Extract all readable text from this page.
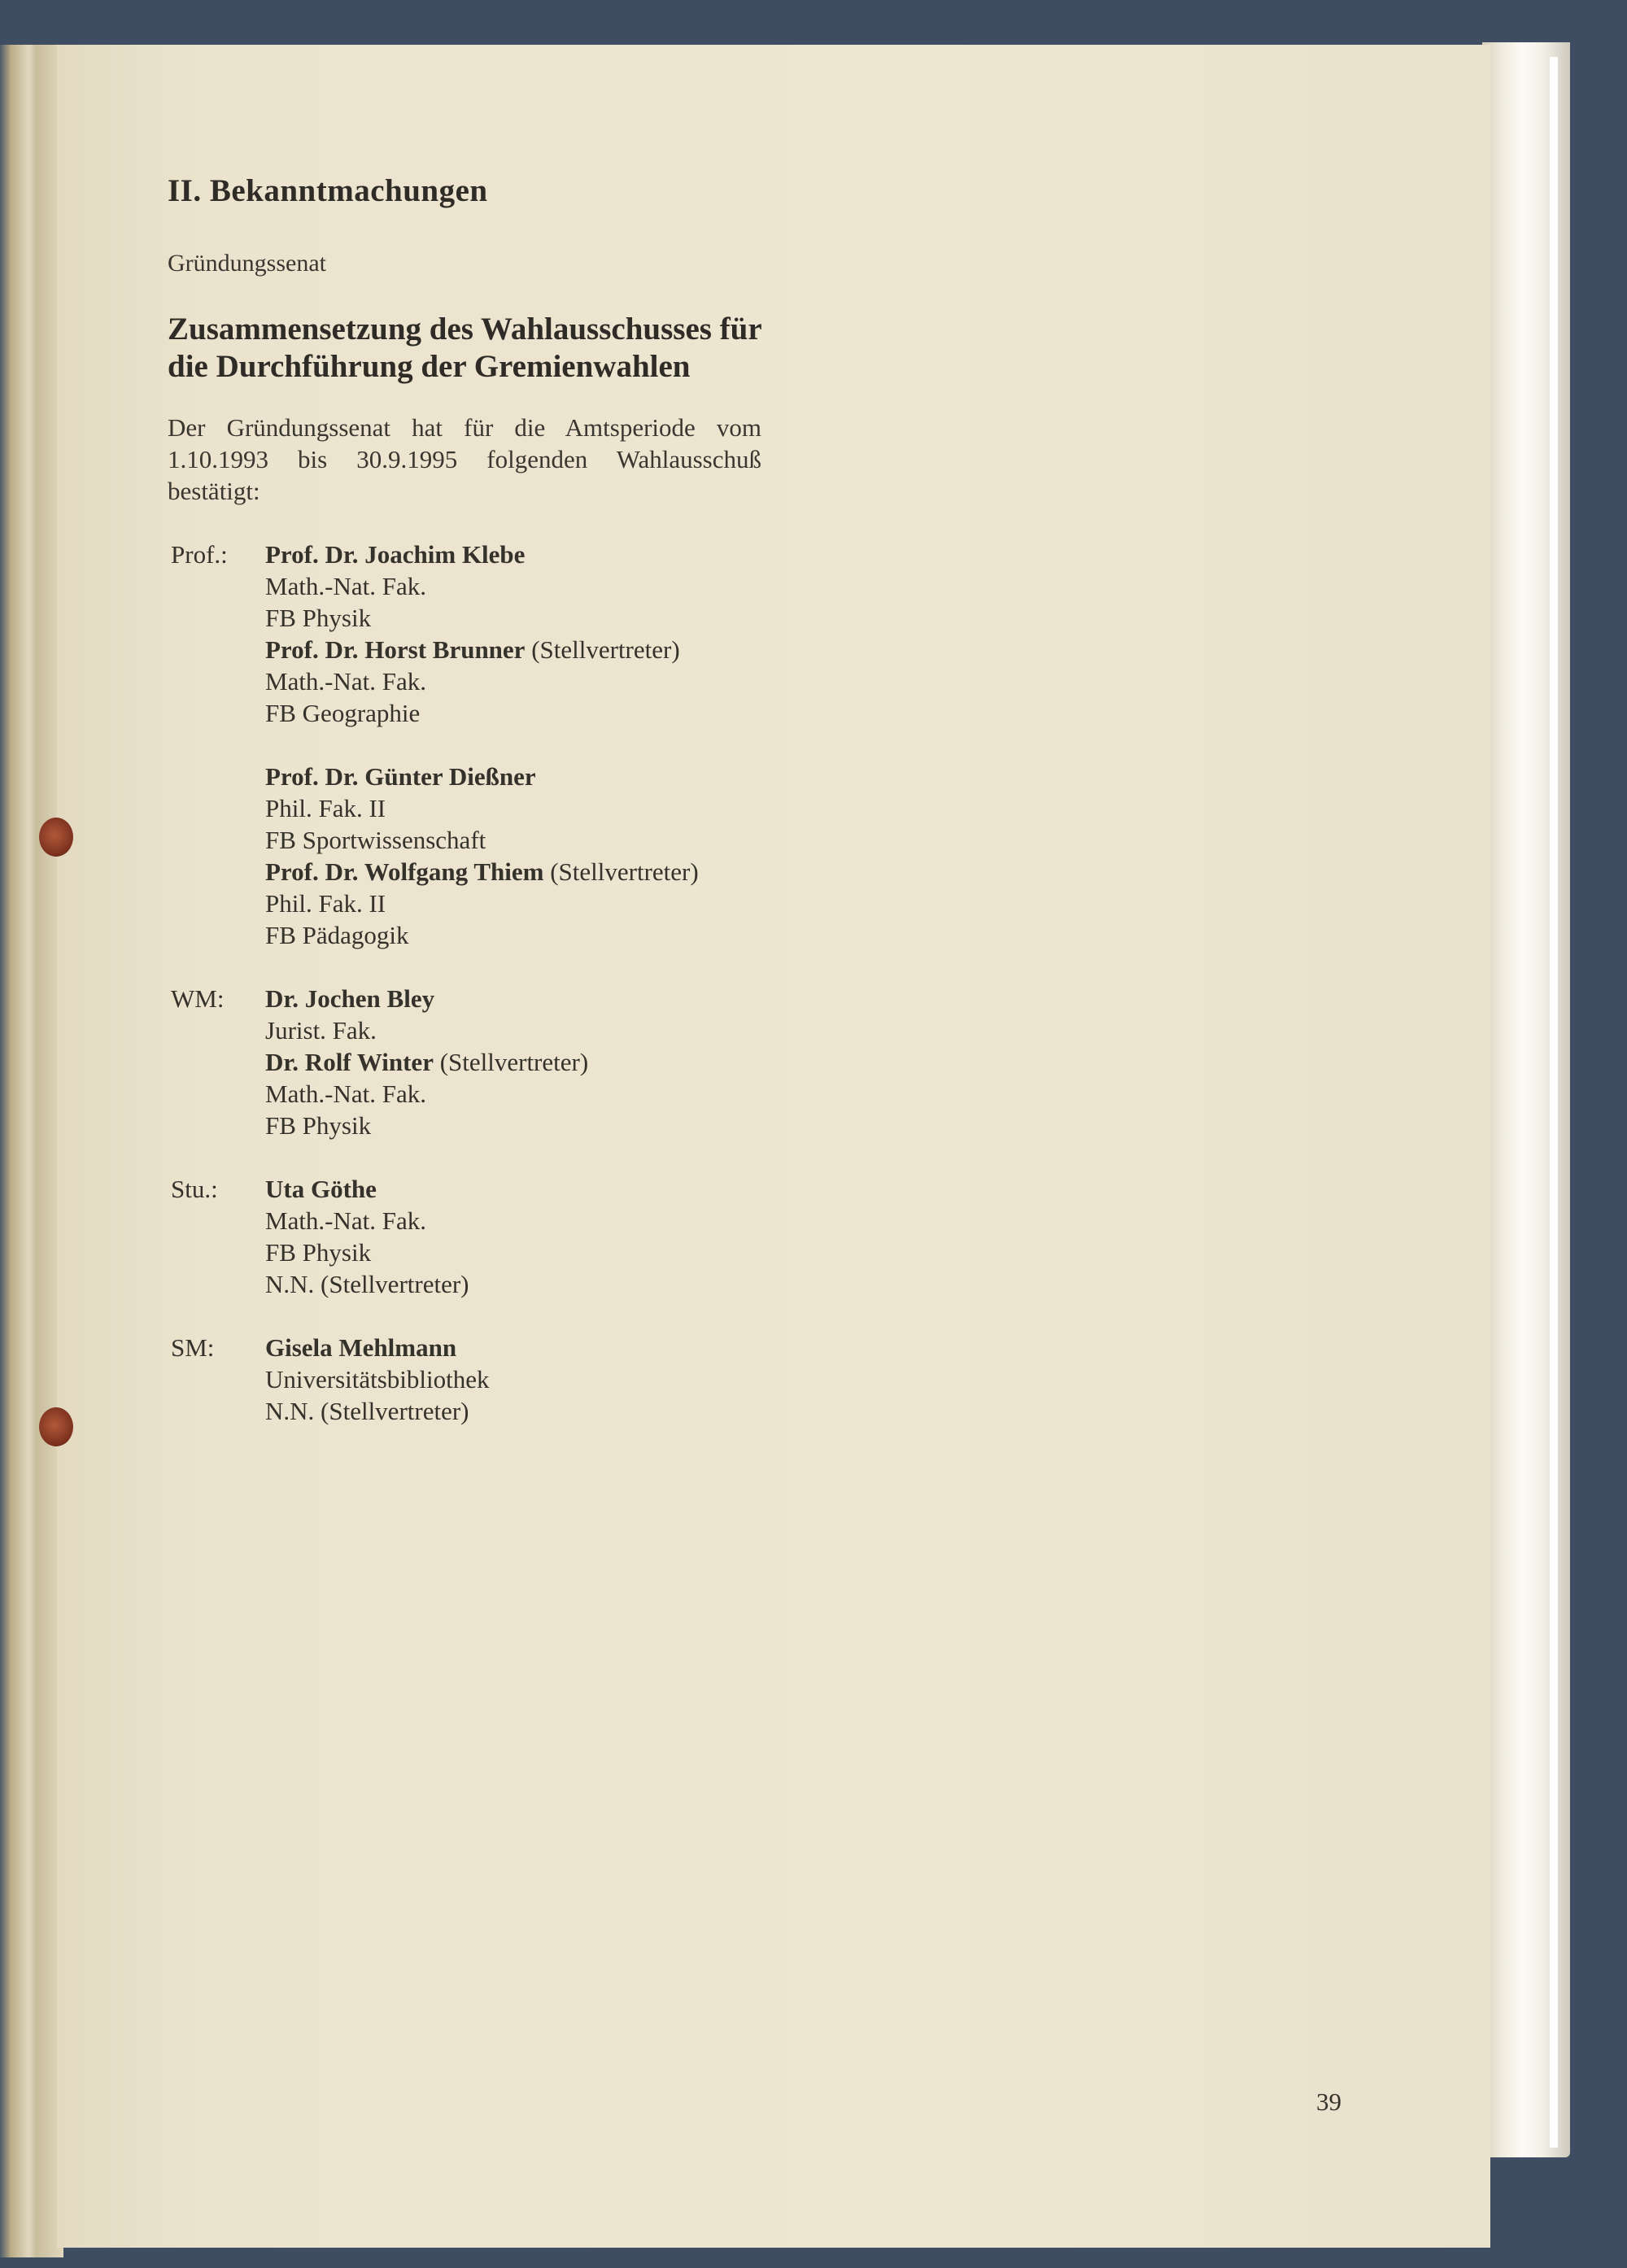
II. Bekanntmachungen

Gründungssenat

Zusammensetzung des Wahlausschusses für
die Durchführung der Gremienwahlen

Der Gründungssenat hat für die Amtsperiode vom 1.10.1993 bis 30.9.1995 folgenden Wahlausschuß bestätigt:

Prof.:	Prof. Dr. Joachim Klebe
Math.-Nat. Fak.
FB Physik
Prof. Dr. Horst Brunner (Stellvertreter)
Math.-Nat. Fak.
FB Geographie
Prof. Dr. Günter Dießner
Phil. Fak. II
FB Sportwissenschaft
Prof. Dr. Wolfgang Thiem (Stellvertreter)
Phil. Fak. II
FB Pädagogik
WM:	Dr. Jochen Bley
Jurist. Fak.
Dr. Rolf Winter (Stellvertreter)
Math.-Nat. Fak.
FB Physik
Stu.:	Uta Göthe
Math.-Nat. Fak.
FB Physik
N.N. (Stellvertreter)
SM:	Gisela Mehlmann
Universitätsbibliothek
N.N. (Stellvertreter)
39
